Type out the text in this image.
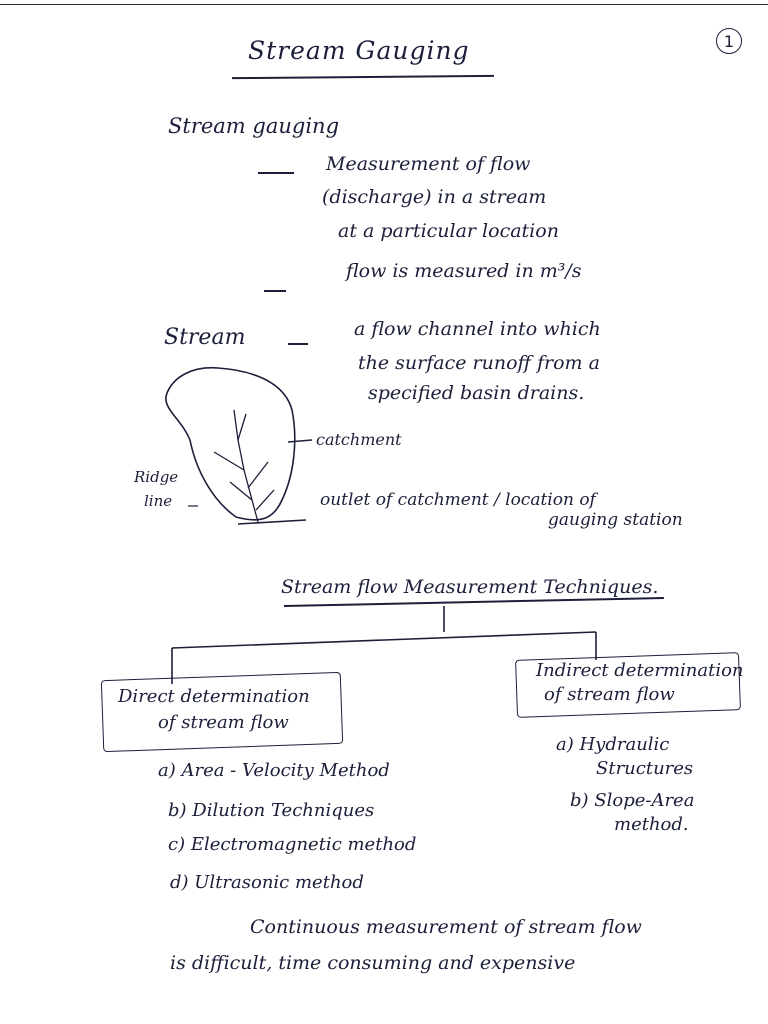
1
Stream Gauging
Stream gauging
Measurement of flow
(discharge) in a stream
at a particular location
flow is measured in m³/s
Stream	a flow channel into which
the surface runoff from a
specified basin drains.
catchment
Ridge
line	outlet of catchment / location of
gauging station
Stream flow Measurement Techniques.
Direct determination
of stream flow
Indirect determination
of stream flow
a) Area - Velocity Method
b) Dilution Techniques
c) Electromagnetic method
d) Ultrasonic method
a) Hydraulic
Structures
b) Slope-Area
method.
Continuous measurement of stream flow
is difficult, time consuming and expensive
